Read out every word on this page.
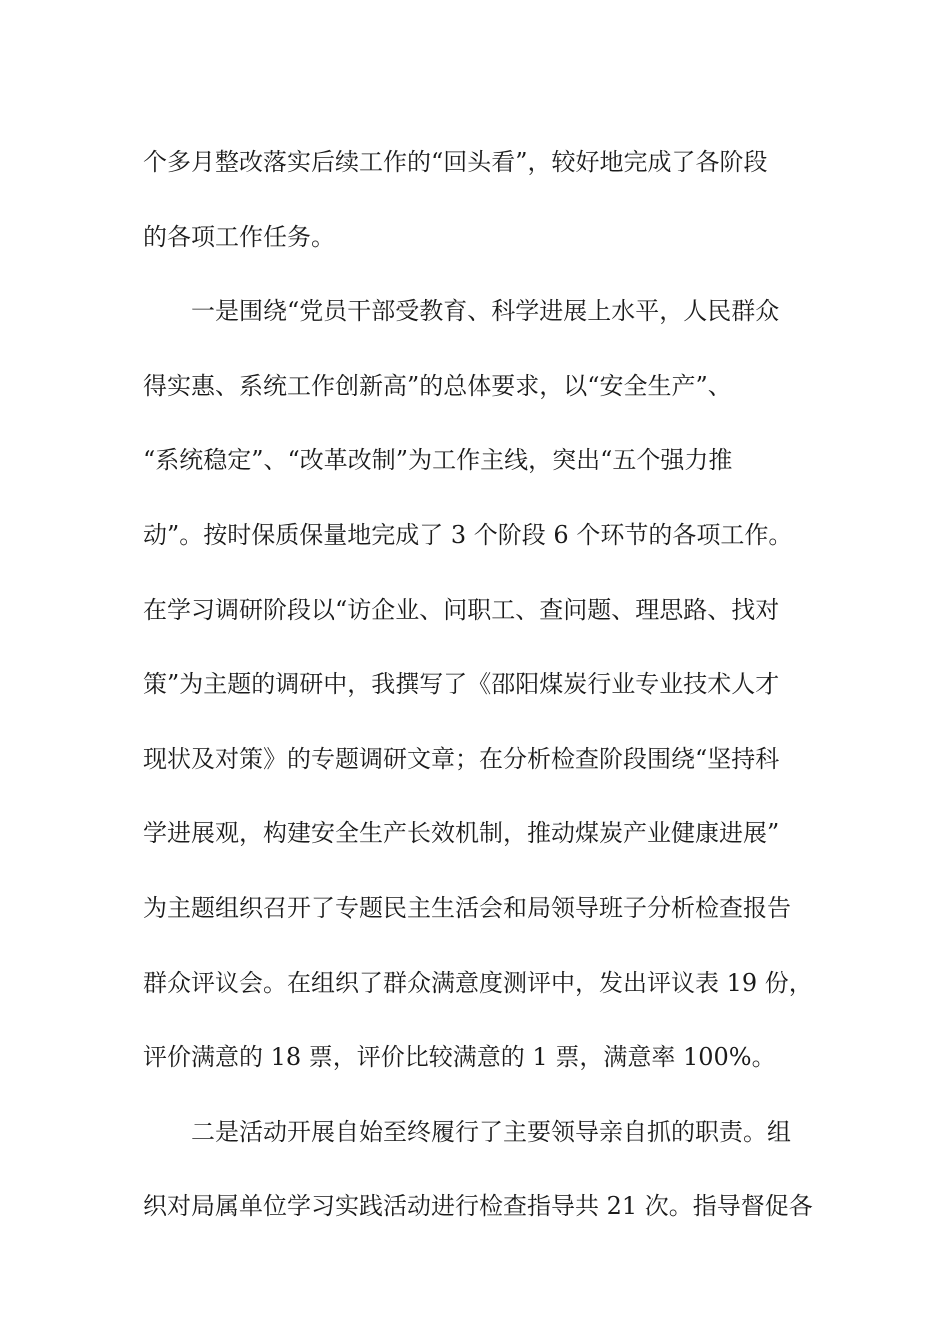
个多月整改落实后续工作的“回头看”，较好地完成了各阶段
的各项工作任务。
一是围绕“党员干部受教育、科学进展上水平，人民群众
得实惠、系统工作创新高”的总体要求，以“安全生产”、
“系统稳定”、“改革改制”为工作主线，突出“五个强力推
动”。按时保质保量地完成了 3 个阶段 6 个环节的各项工作。
在学习调研阶段以“访企业、问职工、查问题、理思路、找对
策”为主题的调研中，我撰写了《邵阳煤炭行业专业技术人才
现状及对策》的专题调研文章；在分析检查阶段围绕“坚持科
学进展观，构建安全生产长效机制，推动煤炭产业健康进展”
为主题组织召开了专题民主生活会和局领导班子分析检查报告
群众评议会。在组织了群众满意度测评中，发出评议表 19 份，
评价满意的 18 票，评价比较满意的 1 票，满意率 100%。
二是活动开展自始至终履行了主要领导亲自抓的职责。组
织对局属单位学习实践活动进行检查指导共 21 次。指导督促各
